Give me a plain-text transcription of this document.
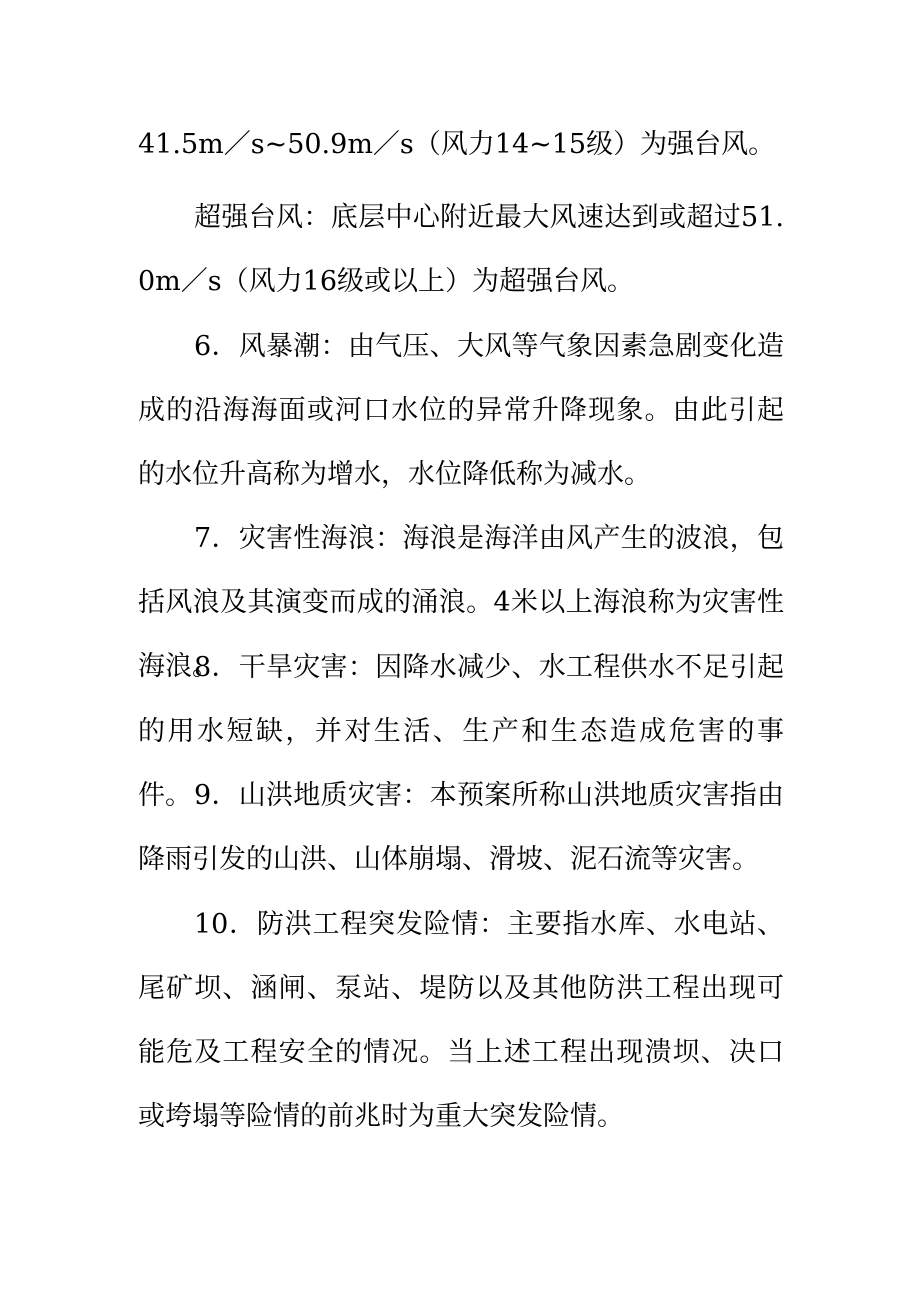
41.5m／s~50.9m／s（风力14~15级）为强台风。

超强台风：底层中心附近最大风速达到或超过51.0m／s（风力16级或以上）为超强台风。

6．风暴潮：由气压、大风等气象因素急剧变化造成的沿海海面或河口水位的异常升降现象。由此引起的水位升高称为增水，水位降低称为减水。

7．灾害性海浪：海浪是海洋由风产生的波浪，包括风浪及其演变而成的涌浪。4米以上海浪称为灾害性海浪。

8．干旱灾害：因降水减少、水工程供水不足引起的用水短缺，并对生活、生产和生态造成危害的事件。 9．山洪地质灾害：本预案所称山洪地质灾害指由降雨引发的山洪、山体崩塌、滑坡、泥石流等灾害。

10．防洪工程突发险情：主要指水库、水电站、尾矿坝、涵闸、泵站、堤防以及其他防洪工程出现可能危及工程安全的情况。当上述工程出现溃坝、决口或垮塌等险情的前兆时为重大突发险情。
